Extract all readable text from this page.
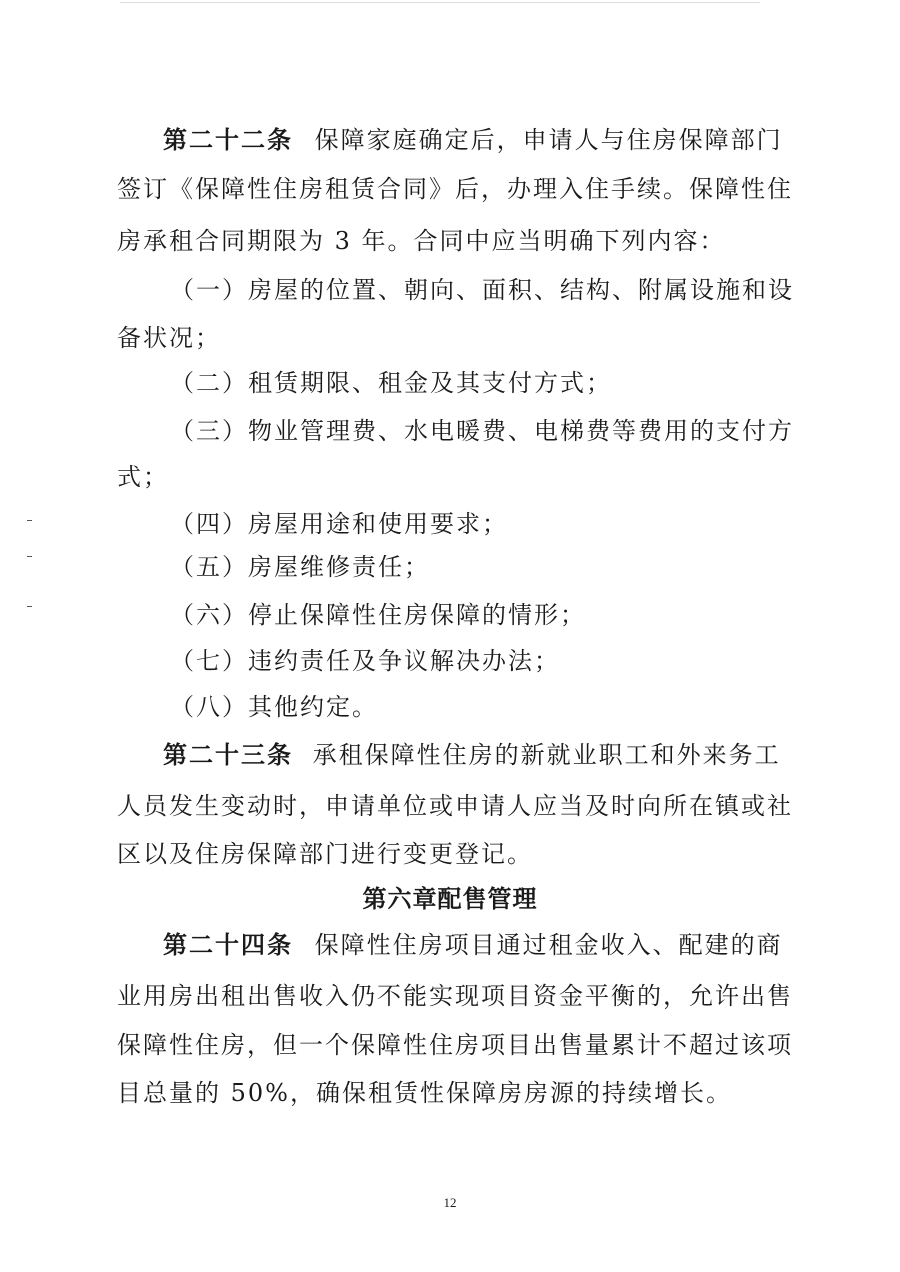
第二十二条 保障家庭确定后，申请人与住房保障部门
签订《保障性住房租赁合同》后，办理入住手续。保障性住
房承租合同期限为 3 年。合同中应当明确下列内容：
（一）房屋的位置、朝向、面积、结构、附属设施和设
备状况；
（二）租赁期限、租金及其支付方式；
（三）物业管理费、水电暖费、电梯费等费用的支付方
式；
（四）房屋用途和使用要求；
（五）房屋维修责任；
（六）停止保障性住房保障的情形；
（七）违约责任及争议解决办法；
（八）其他约定。
第二十三条 承租保障性住房的新就业职工和外来务工
人员发生变动时，申请单位或申请人应当及时向所在镇或社
区以及住房保障部门进行变更登记。
第六章配售管理
第二十四条 保障性住房项目通过租金收入、配建的商
业用房出租出售收入仍不能实现项目资金平衡的，允许出售
保障性住房，但一个保障性住房项目出售量累计不超过该项
目总量的 50%，确保租赁性保障房房源的持续增长。
12
